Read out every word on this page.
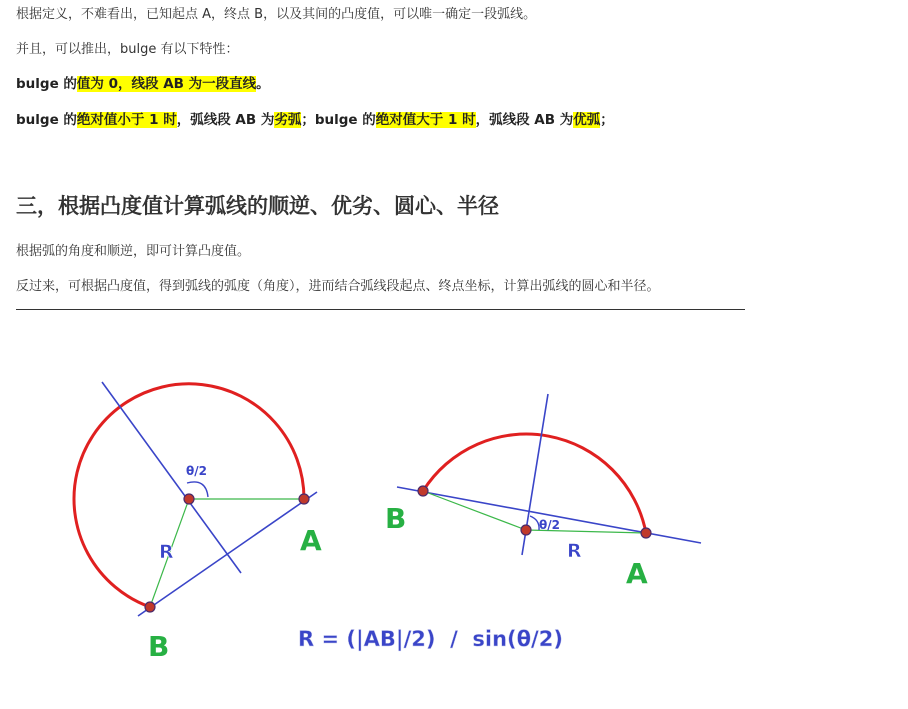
根据定义，不难看出，已知起点 A，终点 B，以及其间的凸度值，可以唯一确定一段弧线。

并且，可以推出，bulge 有以下特性：

bulge 的值为 0，线段 AB 为一段直线。

bulge 的绝对值小于 1 时，弧线段 AB 为劣弧；bulge 的绝对值大于 1 时，弧线段 AB 为优弧；

三，根据凸度值计算弧线的顺逆、优劣、圆心、半径

根据弧的角度和顺逆，即可计算凸度值。

反过来，可根据凸度值，得到弧线的弧度（角度），进而结合弧线段起点、终点坐标，计算出弧线的圆心和半径。

θ/2
R	A
B
θ/2
R
A
B
R = (|AB|/2)  /  sin(θ/2)
